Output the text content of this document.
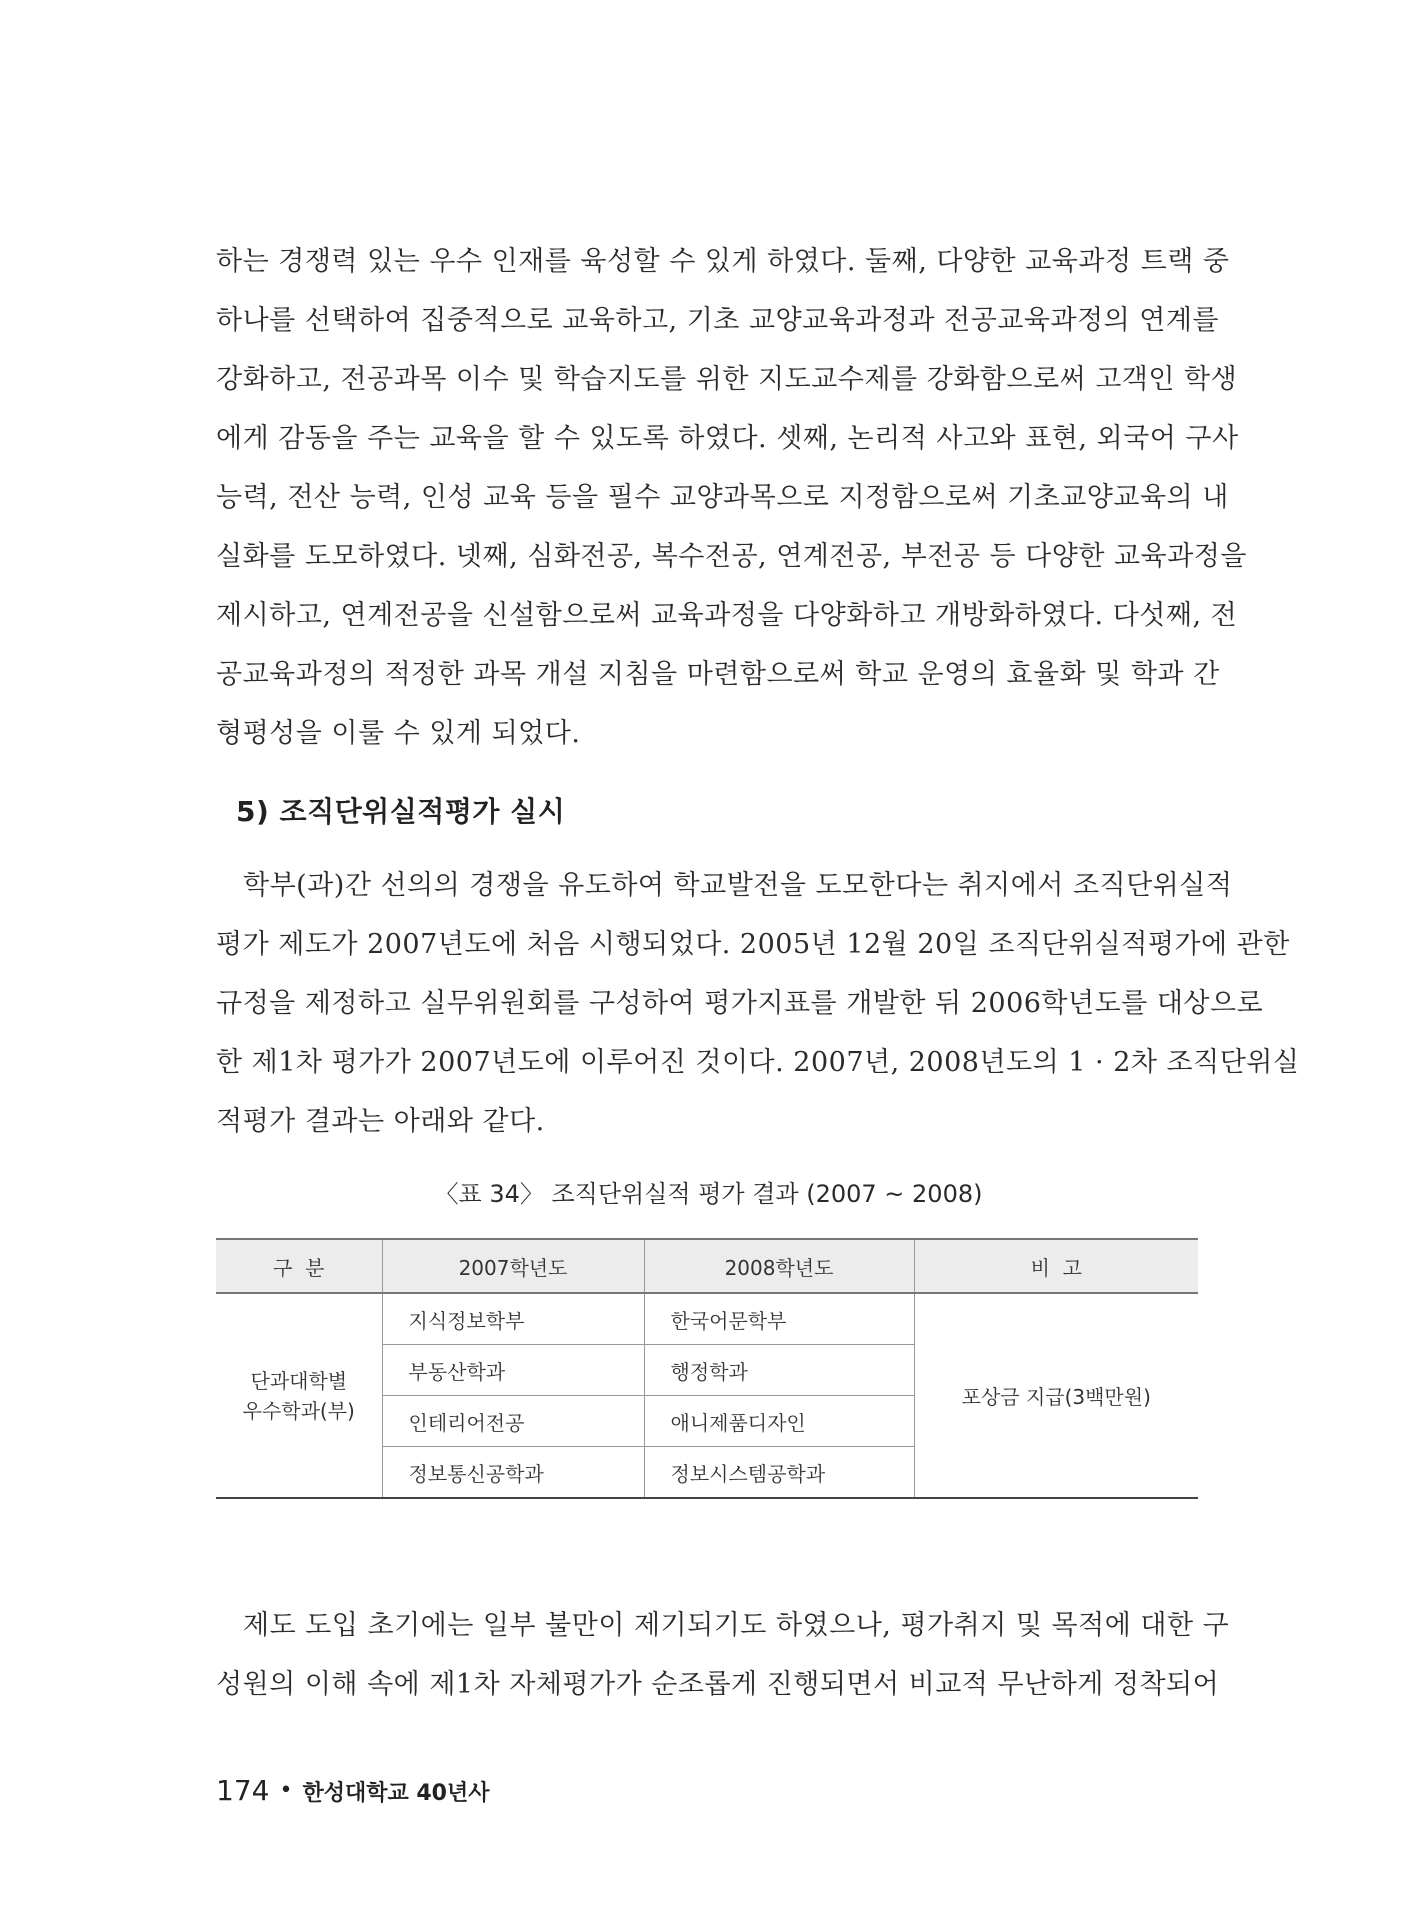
하는 경쟁력 있는 우수 인재를 육성할 수 있게 하였다. 둘째, 다양한 교육과정 트랙 중
하나를 선택하여 집중적으로 교육하고, 기초 교양교육과정과 전공교육과정의 연계를
강화하고, 전공과목 이수 및 학습지도를 위한 지도교수제를 강화함으로써 고객인 학생
에게 감동을 주는 교육을 할 수 있도록 하였다. 셋째, 논리적 사고와 표현, 외국어 구사
능력, 전산 능력, 인성 교육 등을 필수 교양과목으로 지정함으로써 기초교양교육의 내
실화를 도모하였다. 넷째, 심화전공, 복수전공, 연계전공, 부전공 등 다양한 교육과정을
제시하고, 연계전공을 신설함으로써 교육과정을 다양화하고 개방화하였다. 다섯째, 전
공교육과정의 적정한 과목 개설 지침을 마련함으로써 학교 운영의 효율화 및 학과 간
형평성을 이룰 수 있게 되었다.
5) 조직단위실적평가 실시
학부(과)간 선의의 경쟁을 유도하여 학교발전을 도모한다는 취지에서 조직단위실적
평가 제도가 2007년도에 처음 시행되었다. 2005년 12월 20일 조직단위실적평가에 관한
규정을 제정하고 실무위원회를 구성하여 평가지표를 개발한 뒤 2006학년도를 대상으로
한 제1차 평가가 2007년도에 이루어진 것이다. 2007년, 2008년도의 1 · 2차 조직단위실
적평가 결과는 아래와 같다.
〈표 34〉 조직단위실적 평가 결과 (2007 ~ 2008)
구  분	2007학년도	2008학년도	비  고
단과대학별
우수학과(부)	지식정보학부	한국어문학부	포상금 지급(3백만원)
	부동산학과	행정학과	
	인테리어전공	애니제품디자인	
	정보통신공학과	정보시스템공학과	
제도 도입 초기에는 일부 불만이 제기되기도 하였으나, 평가취지 및 목적에 대한 구
성원의 이해 속에 제1차 자체평가가 순조롭게 진행되면서 비교적 무난하게 정착되어
174 • 한성대학교 40년사
